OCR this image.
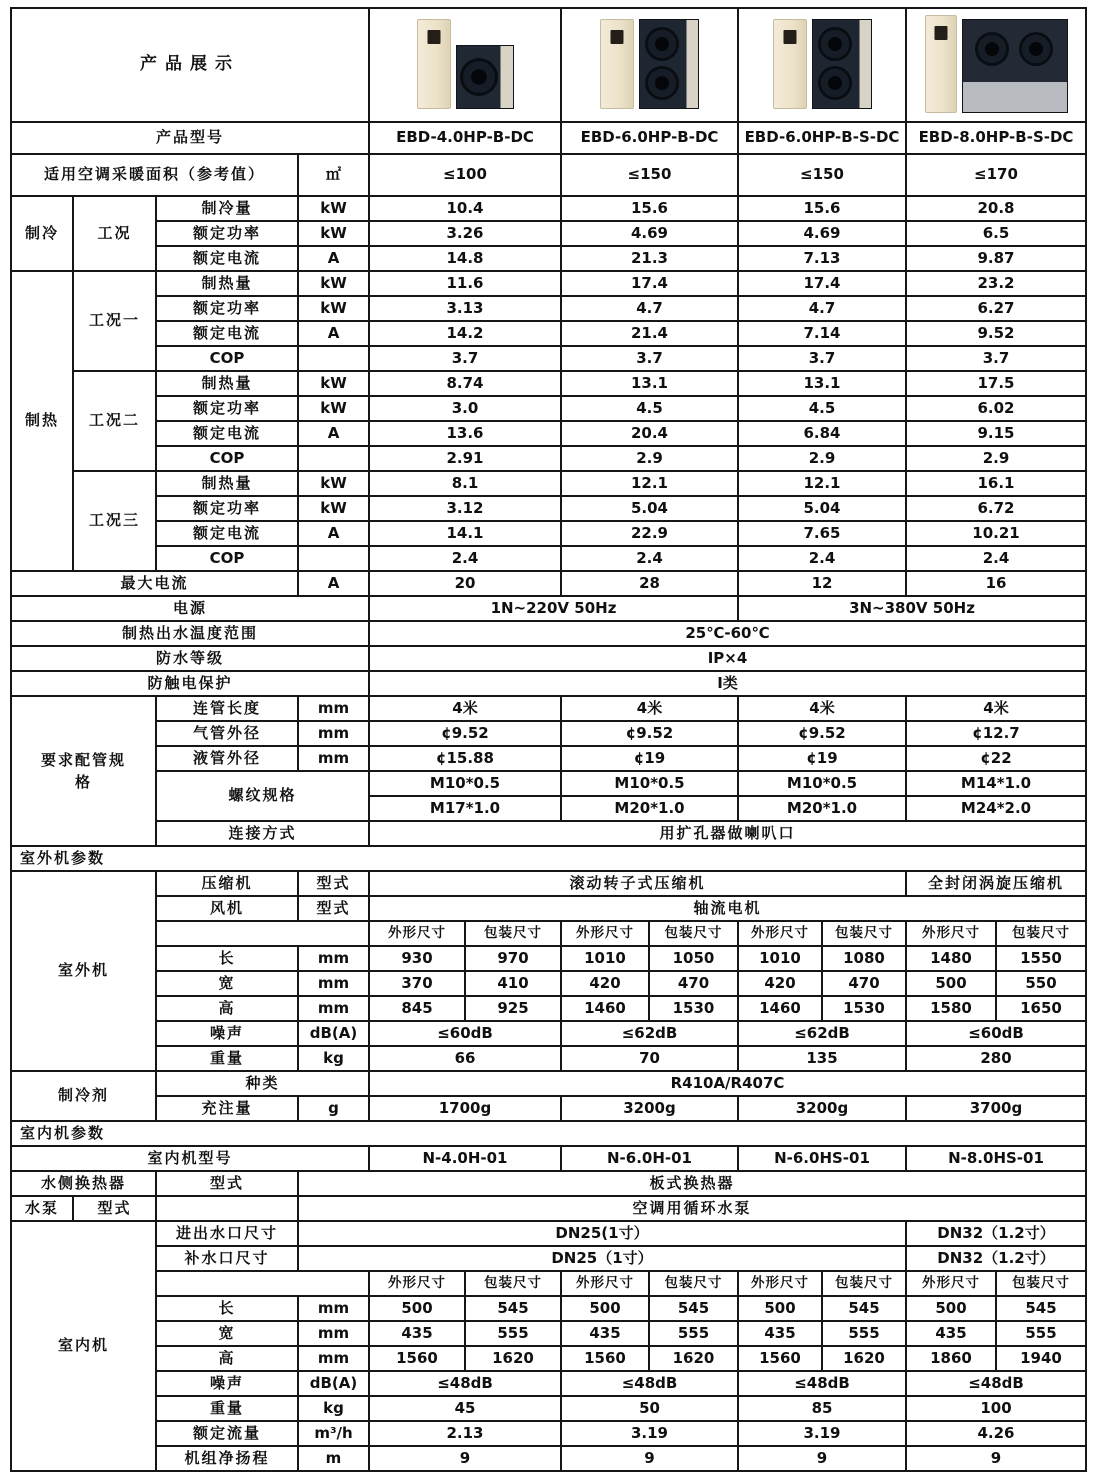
产品展示								

产品型号				EBD-4.0HP-B-DC		EBD-6.0HP-B-DC		EBD-6.0HP-B-S-DC		EBD-8.0HP-B-S-DC	
适用空调采暖面积（参考值）			㎡	≤100		≤150		≤150		≤170	
制冷	工况	制冷量	kW	10.4		15.6		15.6		20.8	
		额定功率	kW	3.26		4.69		4.69		6.5	
		额定电流	A	14.8		21.3		7.13		9.87	
制热	工况一	制热量	kW	11.6		17.4		17.4		23.2	
		额定功率	kW	3.13		4.7		4.7		6.27	
		额定电流	A	14.2		21.4		7.14		9.52	
		COP		3.7		3.7		3.7		3.7	
	工况二	制热量	kW	8.74		13.1		13.1		17.5	
		额定功率	kW	3.0		4.5		4.5		6.02	
		额定电流	A	13.6		20.4		6.84		9.15	
		COP		2.91		2.9		2.9		2.9	
	工况三	制热量	kW	8.1		12.1		12.1		16.1	
		额定功率	kW	3.12		5.04		5.04		6.72	
		额定电流	A	14.1		22.9		7.65		10.21	
		COP		2.4		2.4		2.4		2.4	
最大电流			A	20		28		12		16	
电源				1N~220V 50Hz				3N~380V 50Hz			
制热出水温度范围				25℃-60℃							
防水等级				IP×4							
防触电保护				I类							

要求配管规格		连管长度	mm	4米		4米		4米		4米	
		气管外径	mm	¢9.52		¢9.52		¢9.52		¢12.7	
		液管外径	mm	¢15.88		¢19		¢19		¢22	
		螺纹规格		M10*0.5		M10*0.5		M10*0.5		M14*1.0	
				M17*1.0		M20*1.0		M20*1.0		M24*2.0	
		连接方式		用扩孔器做喇叭口							
室外机参数											
室外机		压缩机	型式	滚动转子式压缩机						全封闭涡旋压缩机	
		风机	型式	轴流电机							
				外形尺寸	包装尺寸	外形尺寸	包装尺寸	外形尺寸	包装尺寸	外形尺寸	包装尺寸
		长	mm	930	970	1010	1050	1010	1080	1480	1550
		宽	mm	370	410	420	470	420	470	500	550
		高	mm	845	925	1460	1530	1460	1530	1580	1650
		噪声	dB(A)	≤60dB		≤62dB		≤62dB		≤60dB	
		重量	kg	66		70		135		280	
制冷剂		种类		R410A/R407C							
		充注量	g	1700g		3200g		3200g		3700g	
室内机参数											
室内机型号				N-4.0H-01		N-6.0H-01		N-6.0HS-01		N-8.0HS-01	
水侧换热器		型式	板式换热器								
水泵	型式		空调用循环水泵								
室内机		进出水口尺寸	DN25(1寸）							DN32（1.2寸）	
		补水口尺寸	DN25（1寸）							DN32（1.2寸）	
				外形尺寸	包装尺寸	外形尺寸	包装尺寸	外形尺寸	包装尺寸	外形尺寸	包装尺寸
		长	mm	500	545	500	545	500	545	500	545
		宽	mm	435	555	435	555	435	555	435	555
		高	mm	1560	1620	1560	1620	1560	1620	1860	1940
		噪声	dB(A)	≤48dB		≤48dB		≤48dB		≤48dB	
		重量	kg	45		50		85		100	
		额定流量	m³/h	2.13		3.19		3.19		4.26	
		机组净扬程	m	9		9		9		9	
